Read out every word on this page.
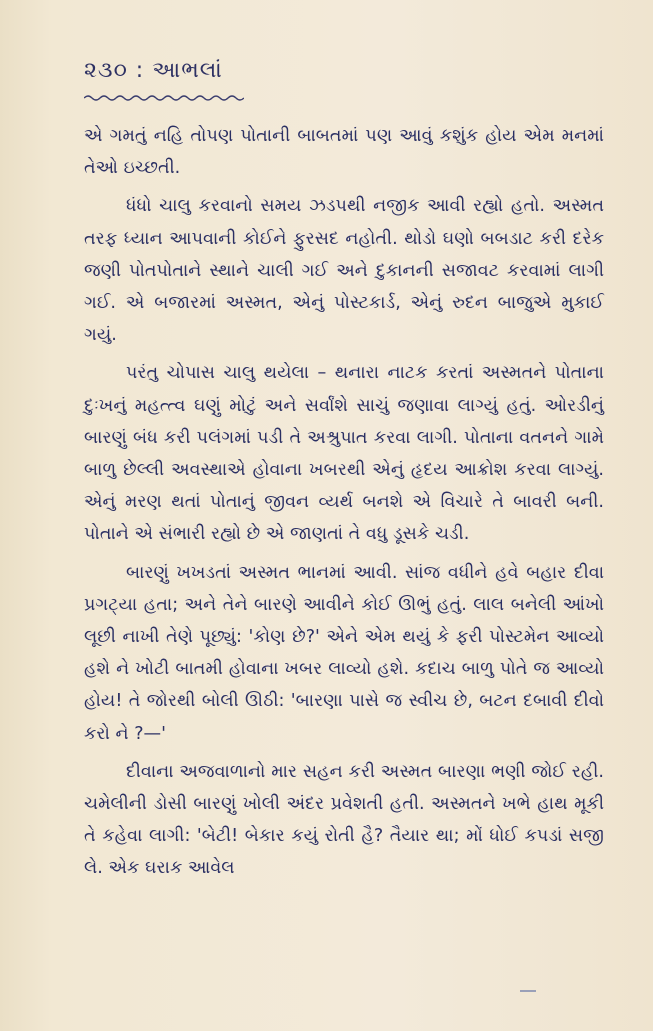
૨૩૦ : આભલાં

એ ગમતું નહિ તોપણ પોતાની બાબતમાં પણ આવું કશુંક હોય એમ મનમાં તેઓ ઇચ્છતી.

ધંધો ચાલુ કરવાનો સમય ઝડપથી નજીક આવી રહ્યો હતો. અસ્મત તરફ ધ્યાન આપવાની કોઈને ફુરસદ નહોતી. થોડો ઘણો બબડાટ કરી દરેક જણી પોતપોતાને સ્થાને ચાલી ગઈ અને દુકાનની સજાવટ કરવામાં લાગી ગઈ. એ બજારમાં અસ્મત, એનું પોસ્ટકાર્ડ, એનું રુદન બાજુએ મુકાઈ ગયું.

પરંતુ ચોપાસ ચાલુ થયેલા – થનારા નાટક કરતાં અસ્મતને પોતાના દુઃખનું મહત્ત્વ ઘણું મોટું અને સર્વાંશે સાચું જણાવા લાગ્યું હતું. ઓરડીનું બારણું બંધ કરી પલંગમાં પડી તે અશ્રુપાત કરવા લાગી. પોતાના વતનને ગામે બાળુ છેલ્લી અવસ્થાએ હોવાના ખબરથી એનું હૃદય આક્રોશ કરવા લાગ્યું. એનું મરણ થતાં પોતાનું જીવન વ્યર્થ બનશે એ વિચારે તે બાવરી બની. પોતાને એ સંભારી રહ્યો છે એ જાણતાં તે વધુ ડૂસકે ચડી.

બારણું ખખડતાં અસ્મત ભાનમાં આવી. સાંજ વધીને હવે બહાર દીવા પ્રગટ્યા હતા; અને તેને બારણે આવીને કોઈ ઊભું હતું. લાલ બનેલી આંખો લૂછી નાખી તેણે પૂછ્યું: 'કોણ છે?' એને એમ થયું કે ફરી પોસ્ટમેન આવ્યો હશે ને ખોટી બાતમી હોવાના ખબર લાવ્યો હશે. કદાચ બાળુ પોતે જ આવ્યો હોય! તે જોરથી બોલી ઊઠી: 'બારણા પાસે જ સ્વીચ છે, બટન દબાવી દીવો કરો ને ?—'

દીવાના અજવાળાનો માર સહન કરી અસ્મત બારણા ભણી જોઈ રહી. ચમેલીની ડોસી બારણું ખોલી અંદર પ્રવેશતી હતી. અસ્મતને ખભે હાથ મૂકી તે કહેવા લાગી: 'બેટી! બેકાર કયું રોતી હૈ? તૈયાર થા; મોં ધોઈ કપડાં સજી લે. એક ઘરાક આવેલ
